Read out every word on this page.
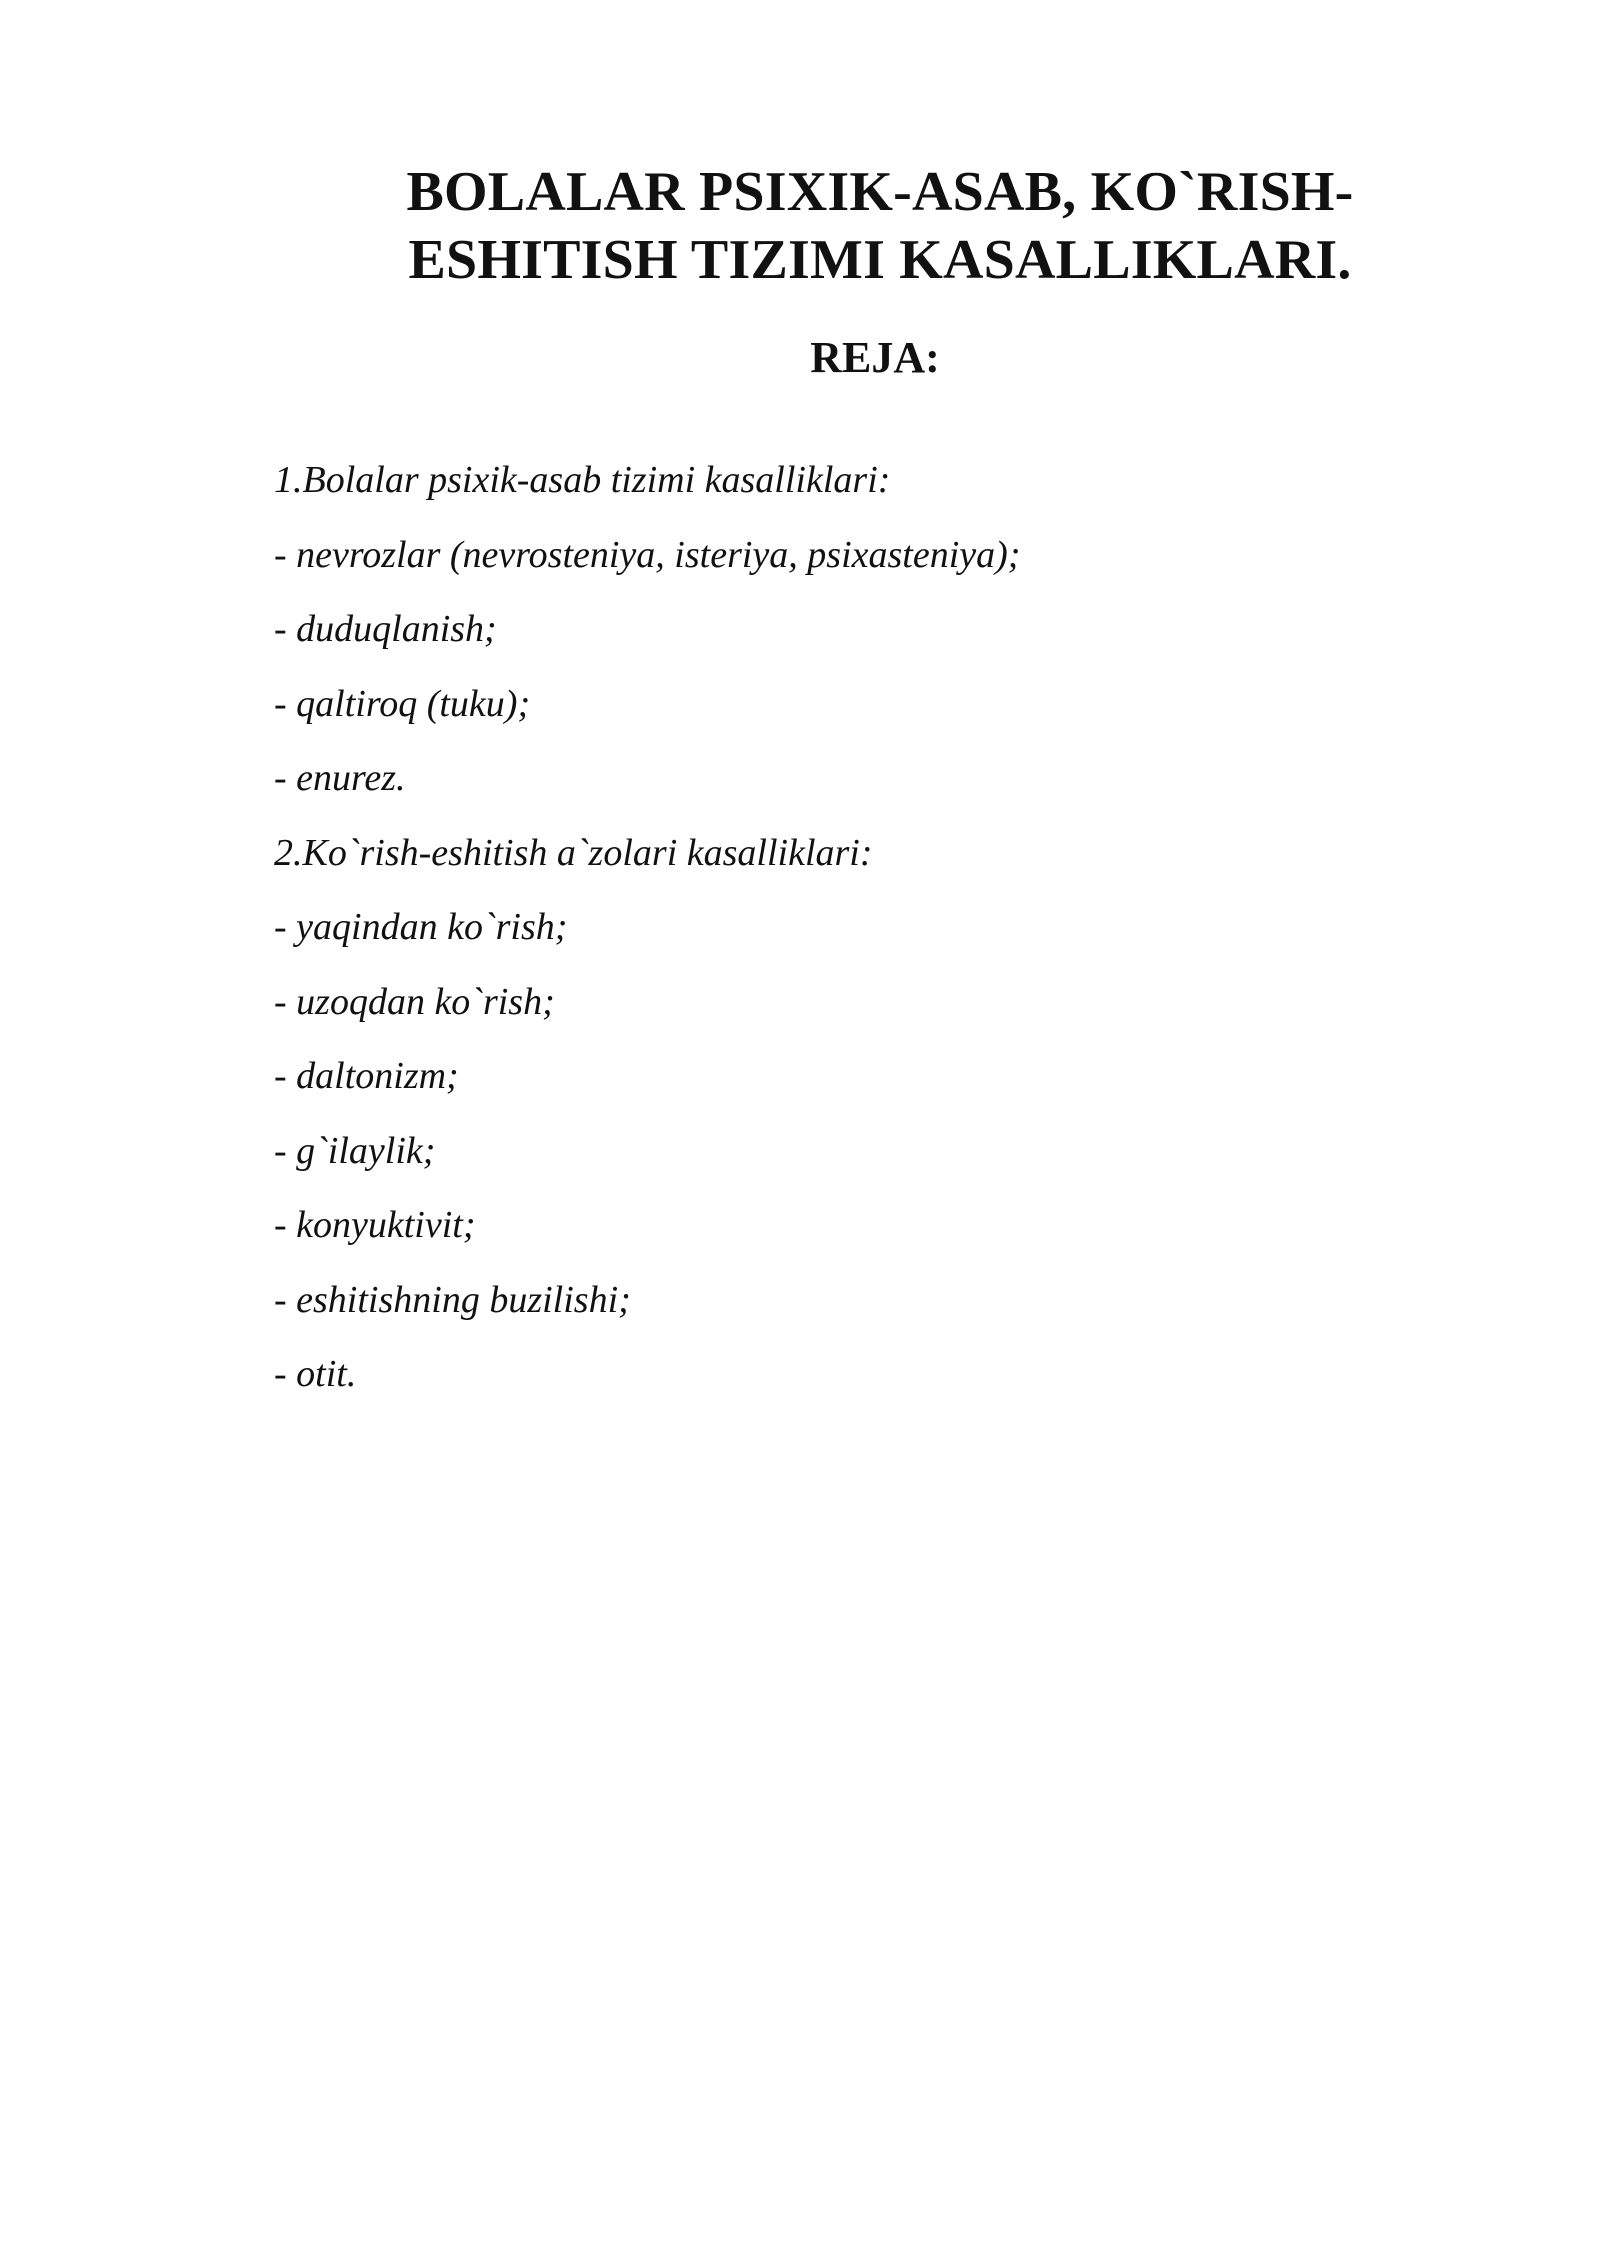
BOLALAR PSIXIK-ASAB, KO`RISH-
ESHITISH TIZIMI KASALLIKLARI.
REJA:
1.Bolalar psixik-asab tizimi kasalliklari:
- nevrozlar (nevrosteniya, isteriya, psixasteniya);
- duduqlanish;
- qaltiroq (tuku);
- enurez.
2.Ko`rish-eshitish a`zolari kasalliklari:
- yaqindan ko`rish;
- uzoqdan ko`rish;
- daltonizm;
- g`ilaylik;
- konyuktivit;
- eshitishning buzilishi;
- otit.
